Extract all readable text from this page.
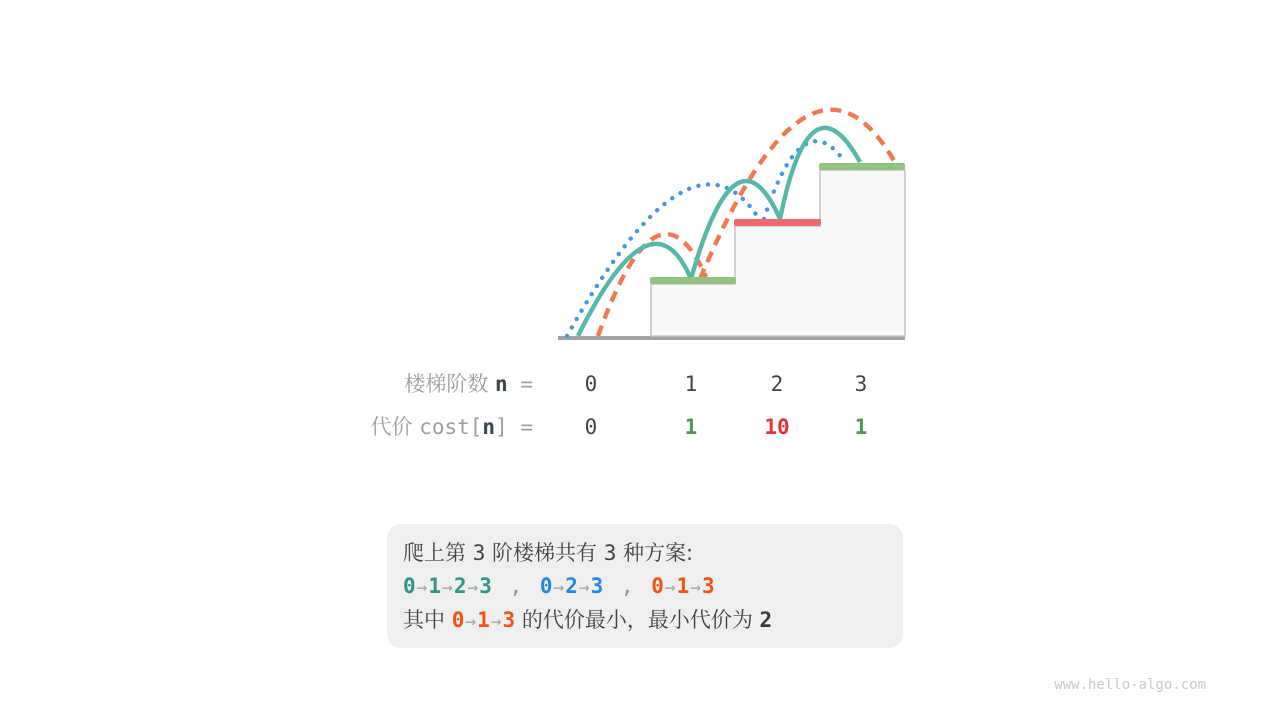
楼梯阶数 n = 0	1	2	3
代价 cost[n] = 0	1	10	1
爬上第 3 阶楼梯共有 3 种方案:
0→1→2→3 , 0→2→3 , 0→1→3
其中 0→1→3 的代价最小，最小代价为 2
www.hello-algo.com
